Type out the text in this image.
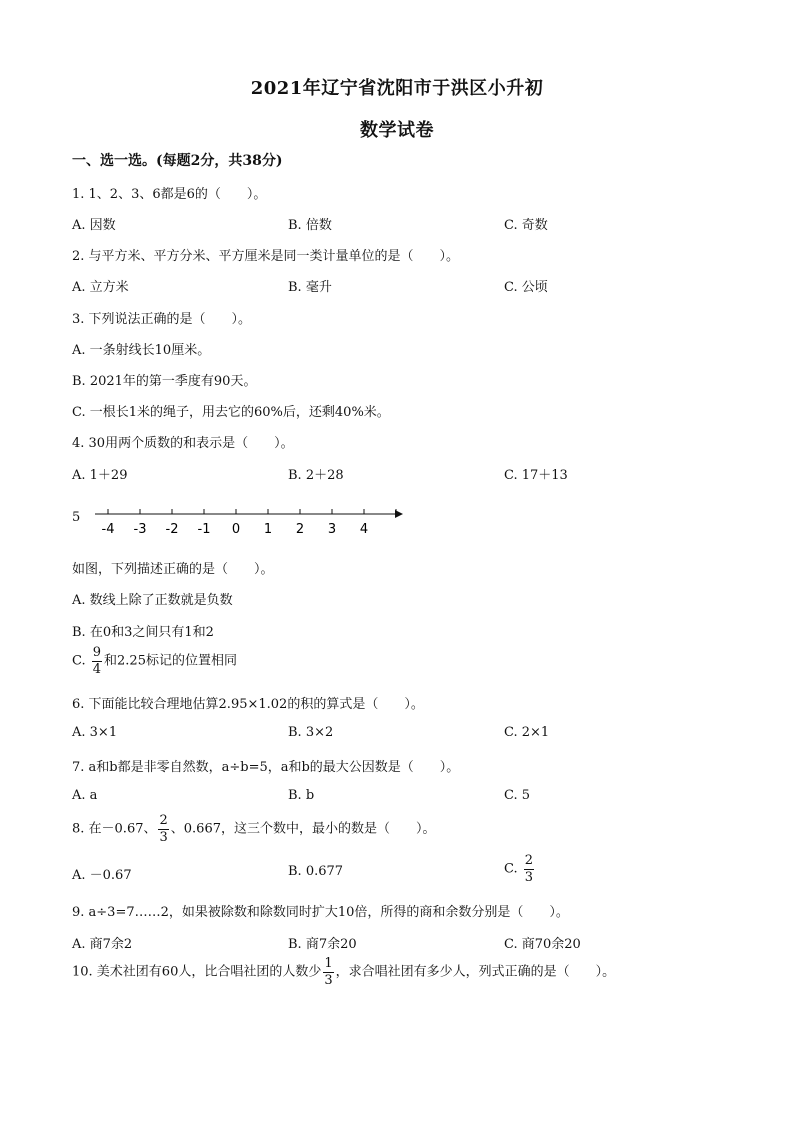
2021年辽宁省沈阳市于洪区小升初
数学试卷
一、选一选。(每题2分，共38分)
1. 1、2、3、6都是6的（　　）。
A. 因数	B. 倍数	C. 奇数
2. 与平方米、平方分米、平方厘米是同一类计量单位的是（　　）。
A. 立方米	B. 毫升	C. 公顷
3. 下列说法正确的是（　　）。
A. 一条射线长10厘米。
B. 2021年的第一季度有90天。
C. 一根长1米的绳子，用去它的60%后，还剩40%米。
4. 30用两个质数的和表示是（　　）。
A. 1＋29	B. 2＋28	C. 17＋13
5
-4 -3 -2 -1 0 1 2 3 4
如图，下列描述正确的是（　　）。
A. 数线上除了正数就是负数
B. 在0和3之间只有1和2
C. $\frac{9}{4}$ 和2.25标记的位置相同
6. 下面能比较合理地估算2.95×1.02的积的算式是（　　）。
A. 3×1	B. 3×2	C. 2×1
7. a和b都是非零自然数，a÷b=5，a和b的最大公因数是（　　）。
A. a	B. b	C. 5
8. 在－0.67、 $\frac{2}{3}$ 、0.667，这三个数中，最小的数是（　　）。
A. －0.67	B. 0.677	C. $\frac{2}{3}$
9. a÷3=7……2，如果被除数和除数同时扩大10倍，所得的商和余数分别是（　　）。
A. 商7余2	B. 商7余20	C. 商70余20
10. 美术社团有60人，比合唱社团的人数少 $\frac{1}{3}$ ，求合唱社团有多少人，列式正确的是（　　）。
